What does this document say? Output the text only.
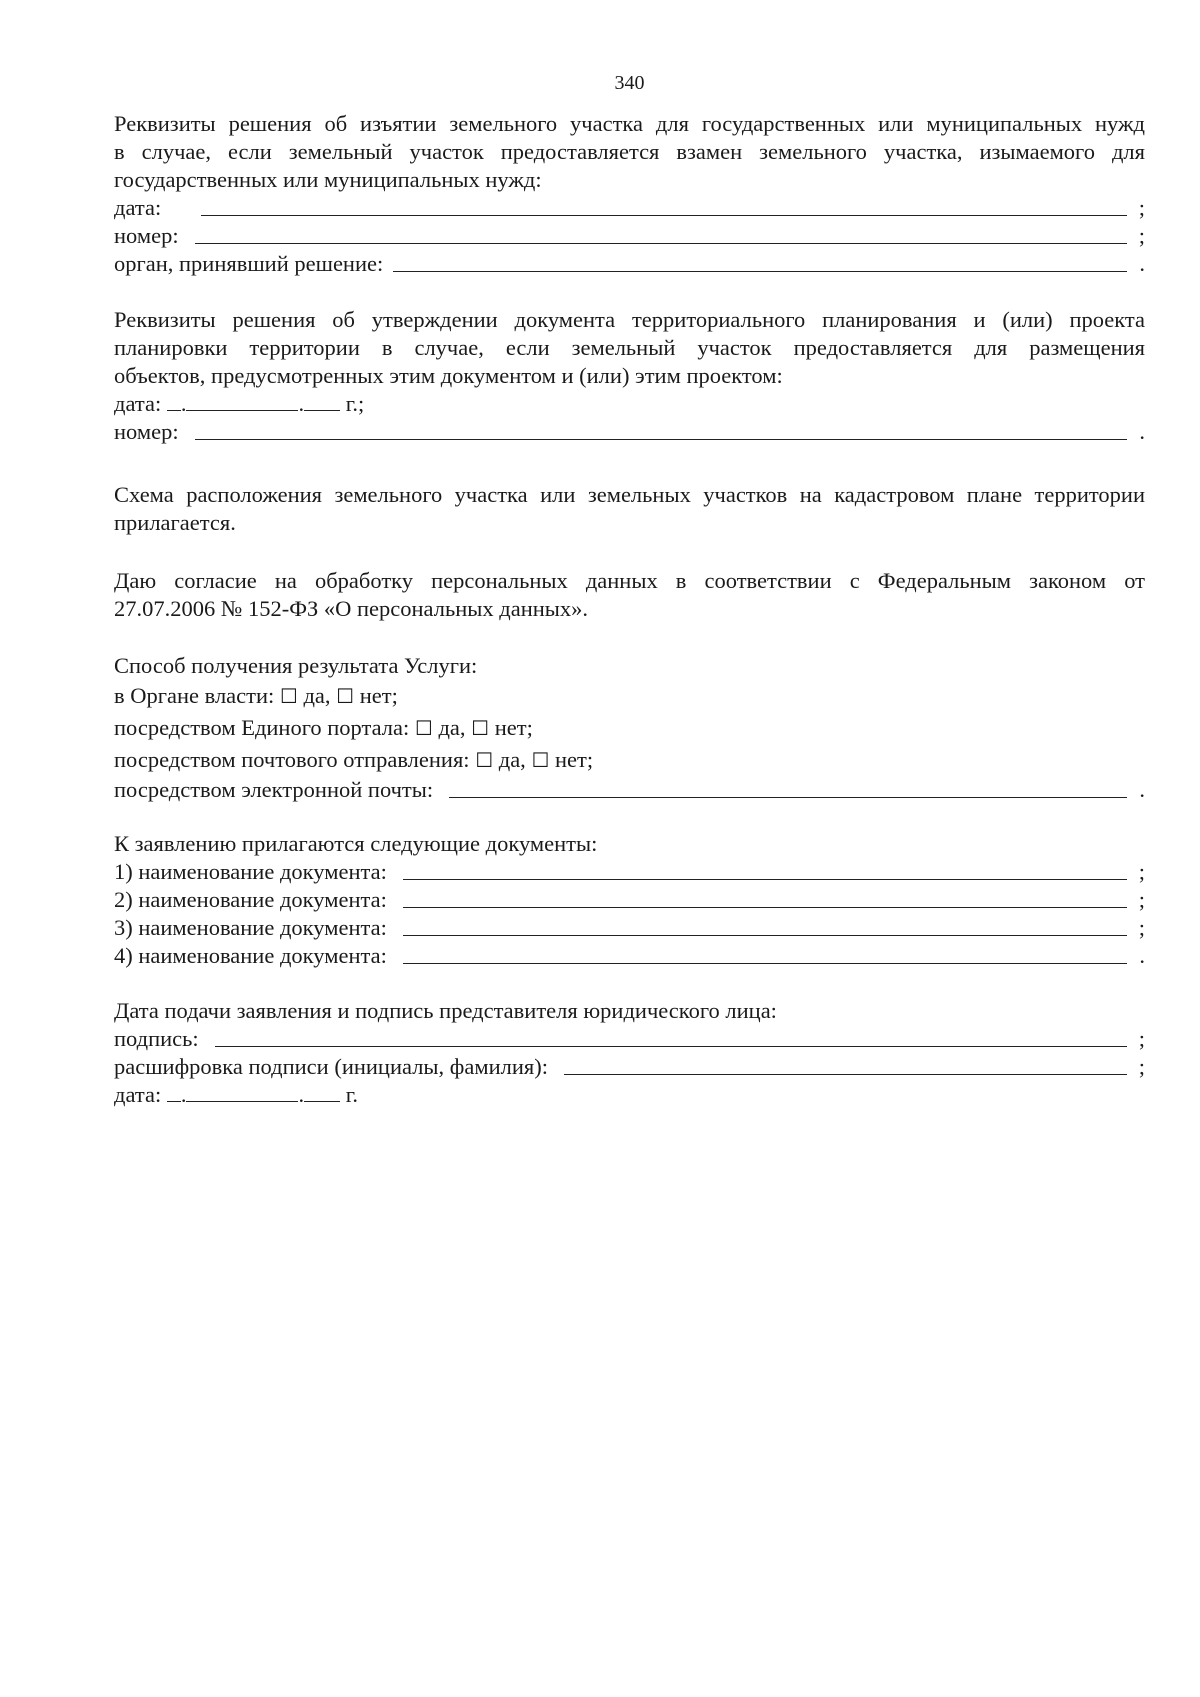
340
Реквизиты решения об изъятии земельного участка для государственных или муниципальных нужд
в случае, если земельный участок предоставляется взамен земельного участка, изымаемого для
государственных или муниципальных нужд:
дата:	;
номер:	;
орган, принявший решение:	.
Реквизиты решения об утверждении документа территориального планирования и (или) проекта
планировки территории в случае, если земельный участок предоставляется для размещения
объектов, предусмотренных этим документом и (или) этим проектом:
дата: .	. г.;
номер:	.
Схема расположения земельного участка или земельных участков на кадастровом плане территории
прилагается.
Даю согласие на обработку персональных данных в соответствии с Федеральным законом от
27.07.2006 № 152-ФЗ «О персональных данных».
Способ получения результата Услуги:
в Органе власти: ☐ да, ☐ нет;
посредством Единого портала: ☐ да, ☐ нет;
посредством почтового отправления: ☐ да, ☐ нет;
посредством электронной почты:	.
К заявлению прилагаются следующие документы:
1) наименование документа:	;
2) наименование документа:	;
3) наименование документа:	;
4) наименование документа:	.
Дата подачи заявления и подпись представителя юридического лица:
подпись:	;
расшифровка подписи (инициалы, фамилия):	;
дата: .	. г.
